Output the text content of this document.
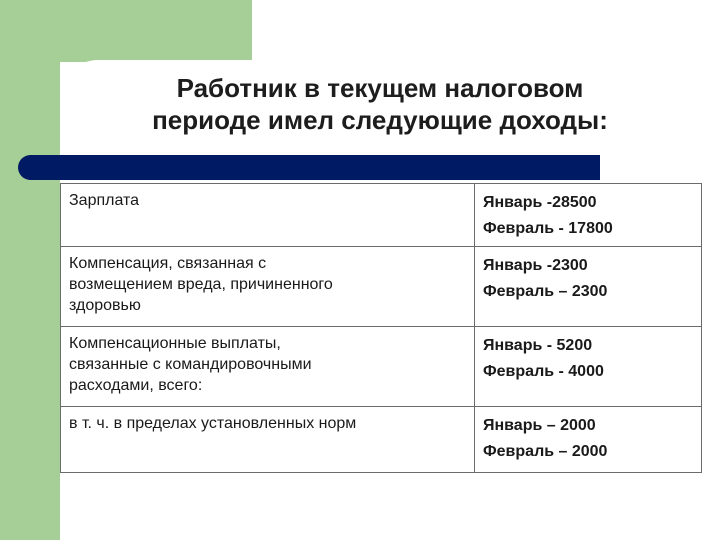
Работник в текущем налоговом
периоде имел следующие доходы:
Зарплата	Январь -28500
Февраль - 17800

Компенсация, связанная с
возмещением вреда, причиненного
здоровью	Январь -2300
Февраль – 2300

Компенсационные выплаты,
связанные с командировочными
расходами, всего:	Январь - 5200
Февраль - 4000

в т. ч. в пределах установленных норм	Январь – 2000
Февраль – 2000
